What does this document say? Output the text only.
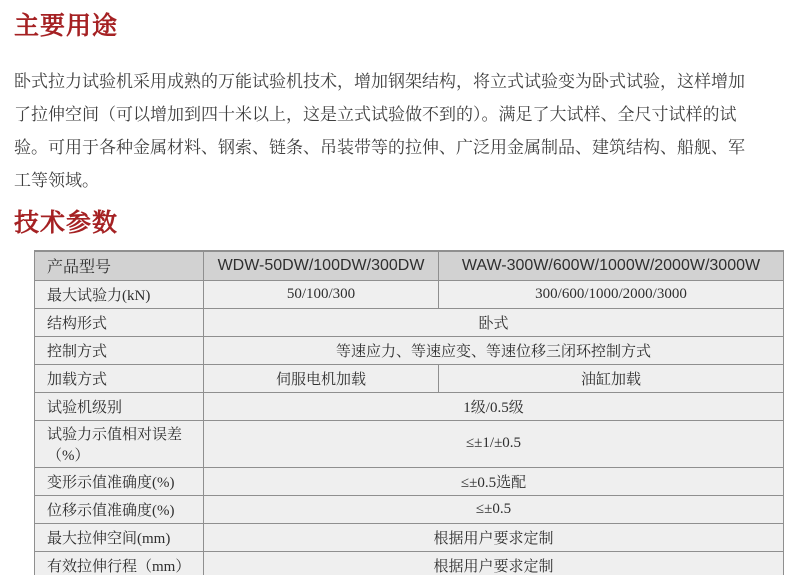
主要用途
卧式拉力试验机采用成熟的万能试验机技术，增加钢架结构，将立式试验变为卧式试验，这样增加
了拉伸空间（可以增加到四十米以上，这是立式试验做不到的）。满足了大试样、全尺寸试样的试
验。可用于各种金属材料、钢索、链条、吊装带等的拉伸、广泛用金属制品、建筑结构、船舰、军
工等领域。
技术参数
产品型号	WDW-50DW/100DW/300DW	WAW-300W/600W/1000W/2000W/3000W
最大试验力(kN)	50/100/300	300/600/1000/2000/3000
结构形式	卧式	
控制方式	等速应力、等速应变、等速位移三闭环控制方式	
加载方式	伺服电机加载	油缸加载
试验机级别	1级/0.5级	
试验力示值相对误差（%）	≤±1/±0.5	
变形示值准确度(%)	≤±0.5选配	
位移示值准确度(%)	≤±0.5	
最大拉伸空间(mm)	根据用户要求定制	
有效拉伸行程（mm）	根据用户要求定制	
